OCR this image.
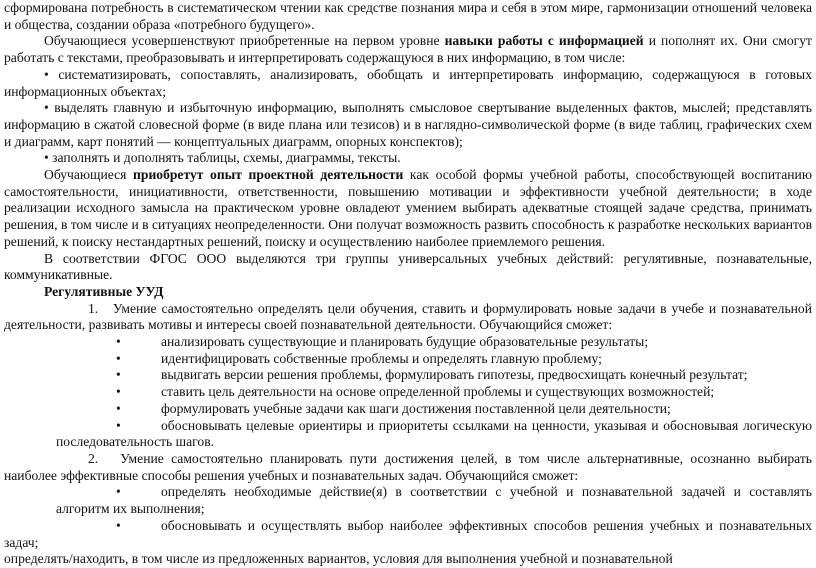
сформирована потребность в систематическом чтении как средстве познания мира и себя в этом мире, гармонизации отношений человека и общества, создании образа «потребного будущего».

Обучающиеся усовершенствуют приобретенные на первом уровне навыки работы с информацией и пополнят их. Они смогут работать с текстами, преобразовывать и интерпретировать содержащуюся в них информацию, в том числе:

• систематизировать, сопоставлять, анализировать, обобщать и интерпретировать информацию, содержащуюся в готовых информационных объектах;

• выделять главную и избыточную информацию, выполнять смысловое свертывание выделенных фактов, мыслей; представлять информацию в сжатой словесной форме (в виде плана или тезисов) и в наглядно-символической форме (в виде таблиц, графических схем и диаграмм, карт понятий — концептуальных диаграмм, опорных конспектов);

• заполнять и дополнять таблицы, схемы, диаграммы, тексты.

Обучающиеся приобретут опыт проектной деятельности как особой формы учебной работы, способствующей воспитанию самостоятельности, инициативности, ответственности, повышению мотивации и эффективности учебной деятельности; в ходе реализации исходного замысла на практическом уровне овладеют умением выбирать адекватные стоящей задаче средства, принимать решения, в том числе и в ситуациях неопределенности. Они получат возможность развить способность к разработке нескольких вариантов решений, к поиску нестандартных решений, поиску и осуществлению наиболее приемлемого решения.

В соответствии ФГОС ООО выделяются три группы универсальных учебных действий: регулятивные, познавательные, коммуникативные.

Регулятивные УУД

1.   Умение самостоятельно определять цели обучения, ставить и формулировать новые задачи в учебе и познавательной деятельности, развивать мотивы и интересы своей познавательной деятельности. Обучающийся сможет:

•	анализировать существующие и планировать будущие образовательные результаты;

•	идентифицировать собственные проблемы и определять главную проблему;

•	выдвигать версии решения проблемы, формулировать гипотезы, предвосхищать конечный результат;

•	ставить цель деятельности на основе определенной проблемы и существующих возможностей;

•	формулировать учебные задачи как шаги достижения поставленной цели деятельности;

•	обосновывать целевые ориентиры и приоритеты ссылками на ценности, указывая и обосновывая логическую последовательность шагов.

2.   Умение самостоятельно планировать пути достижения целей, в том числе альтернативные, осознанно выбирать наиболее эффективные способы решения учебных и познавательных задач. Обучающийся сможет:

•	определять необходимые действие(я) в соответствии с учебной и познавательной задачей и составлять алгоритм их выполнения;

•	обосновывать и осуществлять выбор наиболее эффективных способов решения учебных и познавательных задач;

определять/находить, в том числе из предложенных вариантов, условия для выполнения учебной и познавательной
